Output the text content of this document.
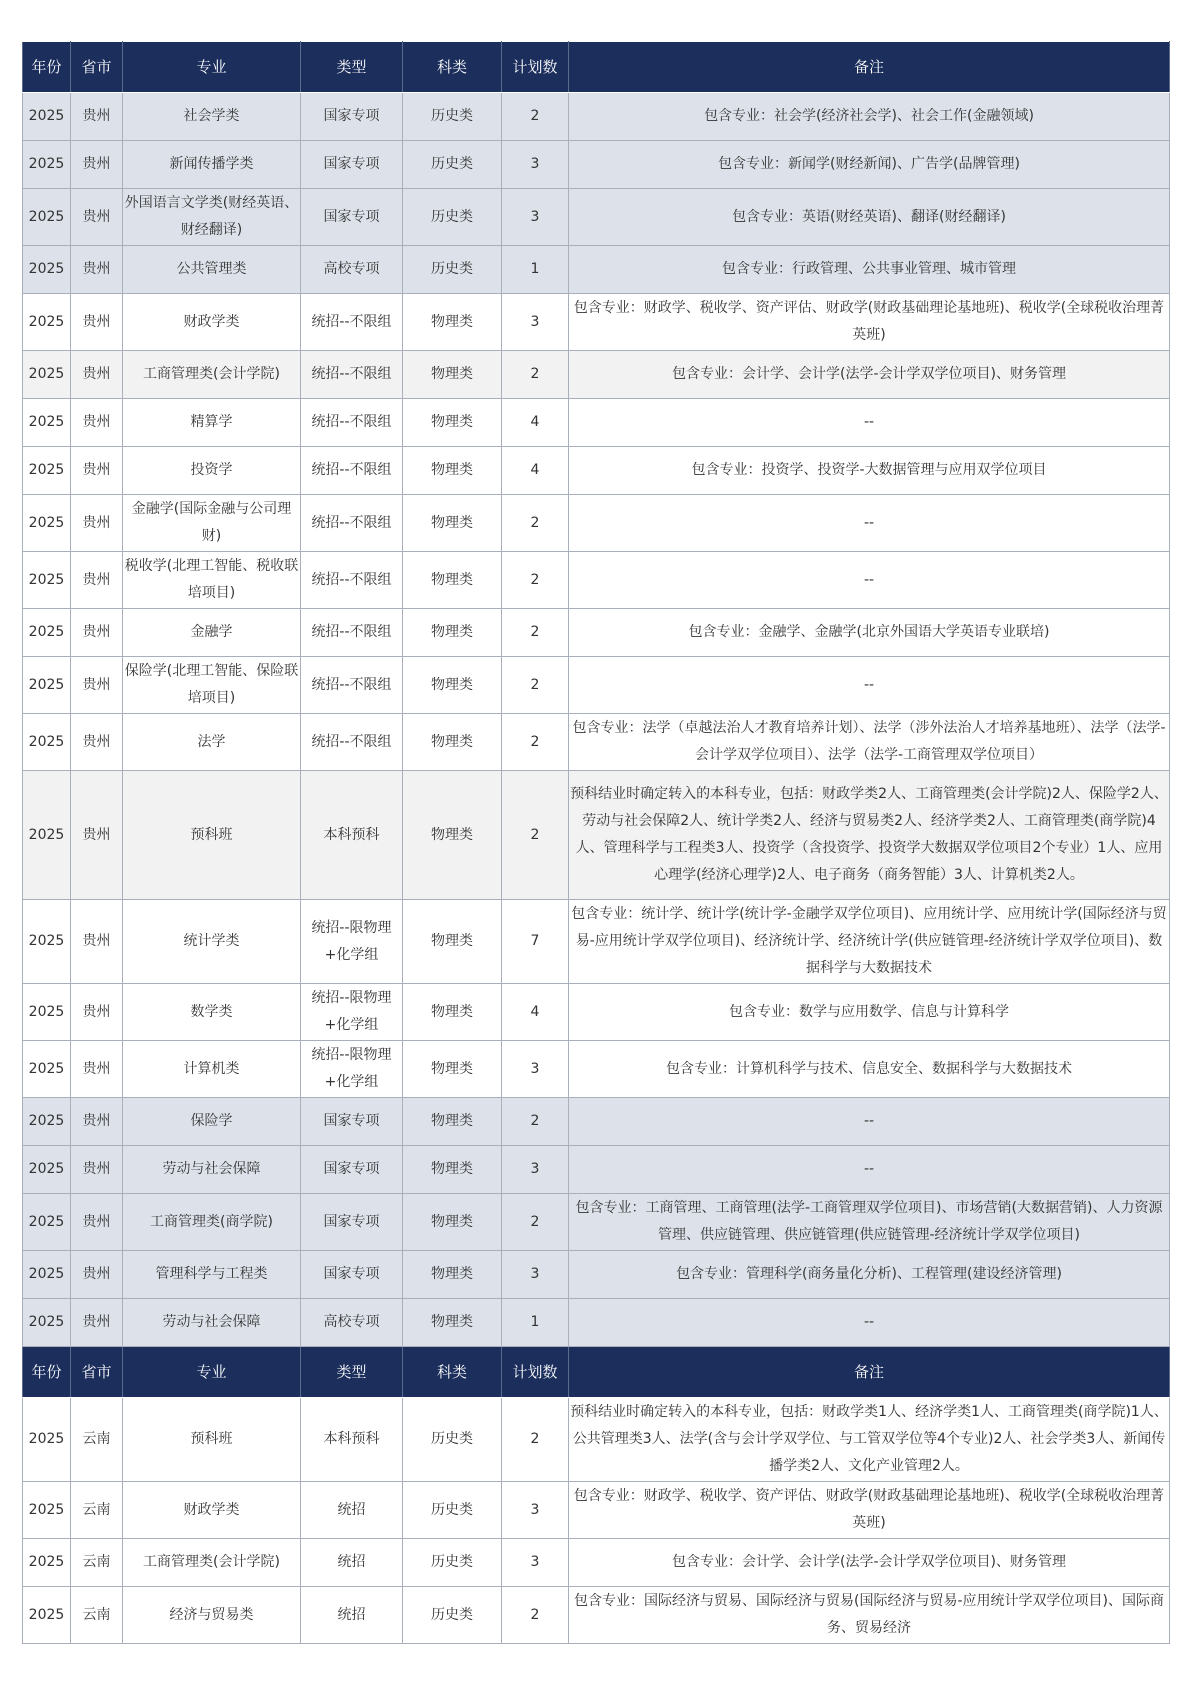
年份	省市	专业	类型	科类	计划数	备注
2025	贵州	社会学类	国家专项	历史类	2	包含专业：社会学(经济社会学)、社会工作(金融领域)
2025	贵州	新闻传播学类	国家专项	历史类	3	包含专业：新闻学(财经新闻)、广告学(品牌管理)
2025	贵州	外国语言文学类(财经英语、财经翻译)	国家专项	历史类	3	包含专业：英语(财经英语)、翻译(财经翻译)
2025	贵州	公共管理类	高校专项	历史类	1	包含专业：行政管理、公共事业管理、城市管理
2025	贵州	财政学类	统招--不限组	物理类	3	包含专业：财政学、税收学、资产评估、财政学(财政基础理论基地班)、税收学(全球税收治理菁英班)
2025	贵州	工商管理类(会计学院)	统招--不限组	物理类	2	包含专业：会计学、会计学(法学-会计学双学位项目)、财务管理
2025	贵州	精算学	统招--不限组	物理类	4	--
2025	贵州	投资学	统招--不限组	物理类	4	包含专业：投资学、投资学-大数据管理与应用双学位项目
2025	贵州	金融学(国际金融与公司理财)	统招--不限组	物理类	2	--
2025	贵州	税收学(北理工智能、税收联培项目)	统招--不限组	物理类	2	--
2025	贵州	金融学	统招--不限组	物理类	2	包含专业：金融学、金融学(北京外国语大学英语专业联培)
2025	贵州	保险学(北理工智能、保险联培项目)	统招--不限组	物理类	2	--
2025	贵州	法学	统招--不限组	物理类	2	包含专业：法学（卓越法治人才教育培养计划）、法学（涉外法治人才培养基地班）、法学（法学-会计学双学位项目）、法学（法学-工商管理双学位项目）
2025	贵州	预科班	本科预科	物理类	2	预科结业时确定转入的本科专业，包括：财政学类2人、工商管理类(会计学院)2人、保险学2人、劳动与社会保障2人、统计学类2人、经济与贸易类2人、经济学类2人、工商管理类(商学院)4人、管理科学与工程类3人、投资学（含投资学、投资学大数据双学位项目2个专业）1人、应用心理学(经济心理学)2人、电子商务（商务智能）3人、计算机类2人。
2025	贵州	统计学类	统招--限物理+化学组	物理类	7	包含专业：统计学、统计学(统计学-金融学双学位项目)、应用统计学、应用统计学(国际经济与贸易-应用统计学双学位项目)、经济统计学、经济统计学(供应链管理-经济统计学双学位项目)、数据科学与大数据技术
2025	贵州	数学类	统招--限物理+化学组	物理类	4	包含专业：数学与应用数学、信息与计算科学
2025	贵州	计算机类	统招--限物理+化学组	物理类	3	包含专业：计算机科学与技术、信息安全、数据科学与大数据技术
2025	贵州	保险学	国家专项	物理类	2	--
2025	贵州	劳动与社会保障	国家专项	物理类	3	--
2025	贵州	工商管理类(商学院)	国家专项	物理类	2	包含专业：工商管理、工商管理(法学-工商管理双学位项目)、市场营销(大数据营销)、人力资源管理、供应链管理、供应链管理(供应链管理-经济统计学双学位项目)
2025	贵州	管理科学与工程类	国家专项	物理类	3	包含专业：管理科学(商务量化分析)、工程管理(建设经济管理)
2025	贵州	劳动与社会保障	高校专项	物理类	1	--
年份	省市	专业	类型	科类	计划数	备注
2025	云南	预科班	本科预科	历史类	2	预科结业时确定转入的本科专业，包括：财政学类1人、经济学类1人、工商管理类(商学院)1人、公共管理类3人、法学(含与会计学双学位、与工管双学位等4个专业)2人、社会学类3人、新闻传播学类2人、文化产业管理2人。
2025	云南	财政学类	统招	历史类	3	包含专业：财政学、税收学、资产评估、财政学(财政基础理论基地班)、税收学(全球税收治理菁英班)
2025	云南	工商管理类(会计学院)	统招	历史类	3	包含专业：会计学、会计学(法学-会计学双学位项目)、财务管理
2025	云南	经济与贸易类	统招	历史类	2	包含专业：国际经济与贸易、国际经济与贸易(国际经济与贸易-应用统计学双学位项目)、国际商务、贸易经济
